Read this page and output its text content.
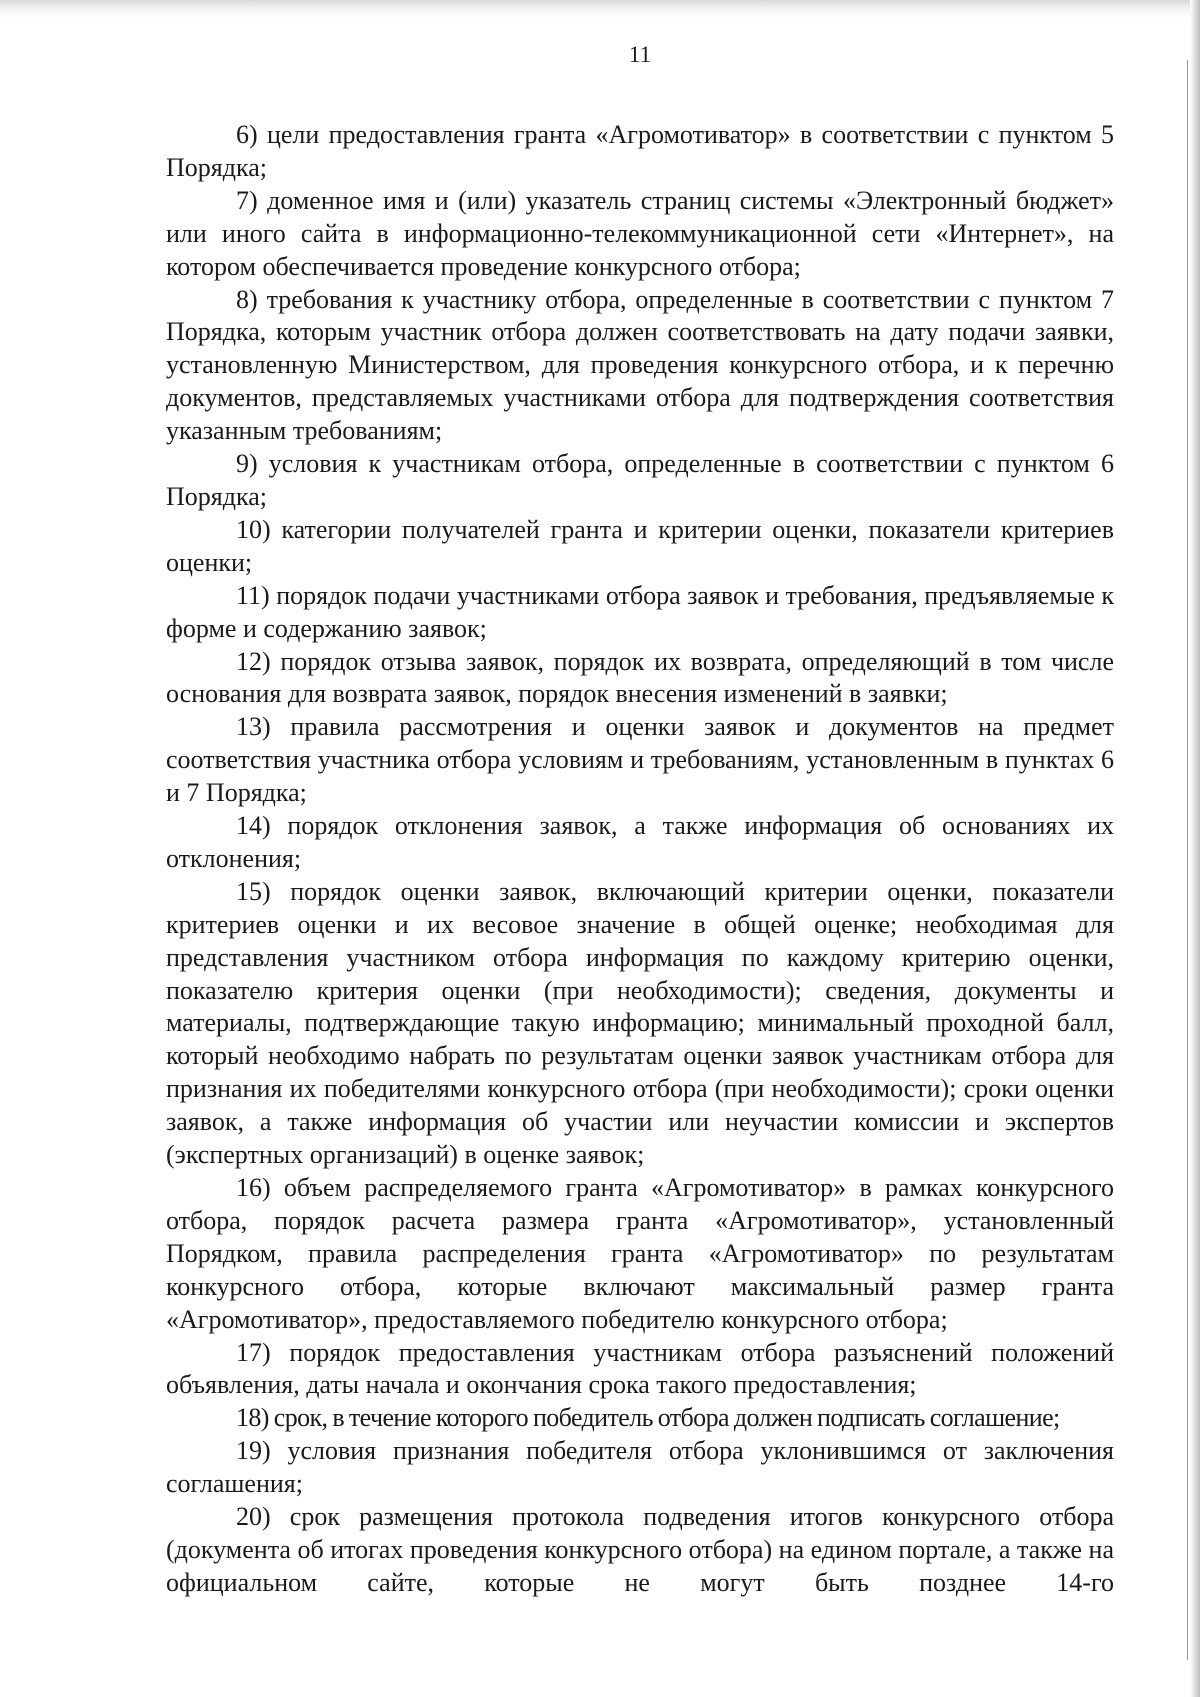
11

6) цели предоставления гранта «Агромотиватор» в соответствии с пунктом 5 Порядка;

7) доменное имя и (или) указатель страниц системы «Электронный бюджет» или иного сайта в информационно-телекоммуникационной сети «Интернет», на котором обеспечивается проведение конкурсного отбора;

8) требования к участнику отбора, определенные в соответствии с пунктом 7 Порядка, которым участник отбора должен соответствовать на дату подачи заявки, установленную Министерством, для проведения конкурсного отбора, и к перечню документов, представляемых участниками отбора для подтверждения соответствия указанным требованиям;

9) условия к участникам отбора, определенные в соответствии с пунктом 6 Порядка;

10) категории получателей гранта и критерии оценки, показатели критериев оценки;

11) порядок подачи участниками отбора заявок и требования, предъявляемые к форме и содержанию заявок;

12) порядок отзыва заявок, порядок их возврата, определяющий в том числе основания для возврата заявок, порядок внесения изменений в заявки;

13) правила рассмотрения и оценки заявок и документов на предмет соответствия участника отбора условиям и требованиям, установленным в пунктах 6 и 7 Порядка;

14) порядок отклонения заявок, а также информация об основаниях их отклонения;

15) порядок оценки заявок, включающий критерии оценки, показатели критериев оценки и их весовое значение в общей оценке; необходимая для представления участником отбора информация по каждому критерию оценки, показателю критерия оценки (при необходимости); сведения, документы и материалы, подтверждающие такую информацию; минимальный проходной балл, который необходимо набрать по результатам оценки заявок участникам отбора для признания их победителями конкурсного отбора (при необходимости); сроки оценки заявок, а также информация об участии или неучастии комиссии и экспертов (экспертных организаций) в оценке заявок;

16) объем распределяемого гранта «Агромотиватор» в рамках конкурсного отбора, порядок расчета размера гранта «Агромотиватор», установленный Порядком, правила распределения гранта «Агромотиватор» по результатам конкурсного отбора, которые включают максимальный размер гранта «Агромотиватор», предоставляемого победителю конкурсного отбора;

17) порядок предоставления участникам отбора разъяснений положений объявления, даты начала и окончания срока такого предоставления;

18) срок, в течение которого победитель отбора должен подписать соглашение;

19) условия признания победителя отбора уклонившимся от заключения соглашения;

20) срок размещения протокола подведения итогов конкурсного отбора (документа об итогах проведения конкурсного отбора) на едином портале, а также на официальном сайте, которые не могут быть позднее 14-го
